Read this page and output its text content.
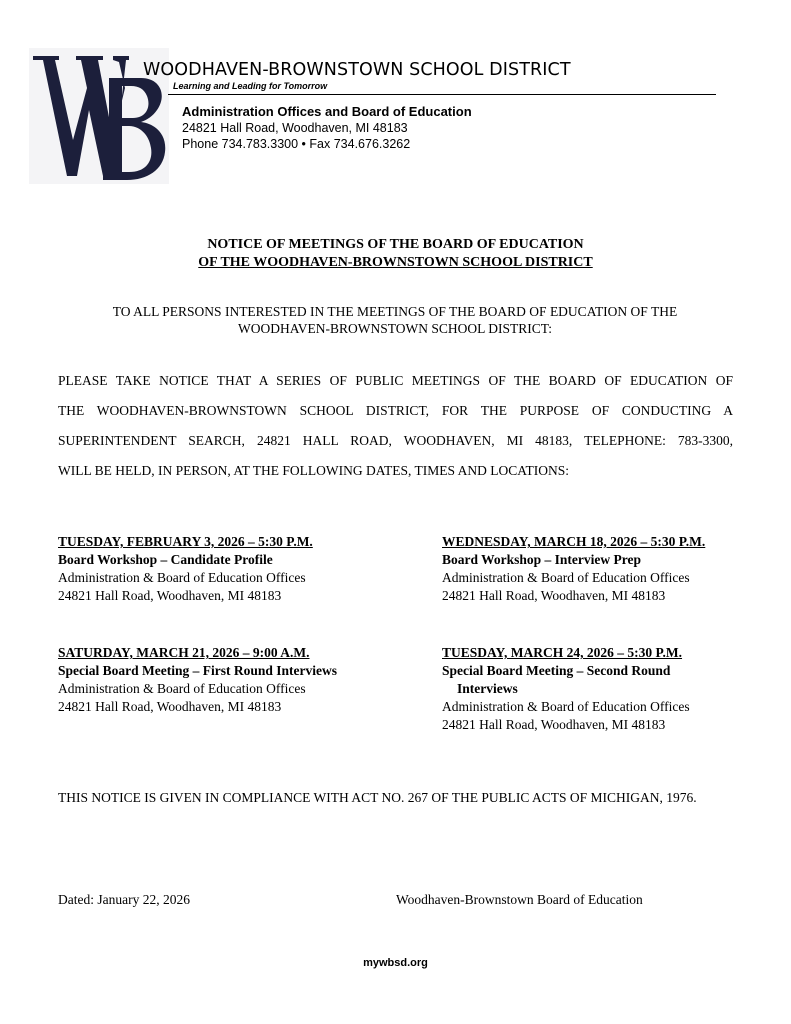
WOODHAVEN-BROWNSTOWN SCHOOL DISTRICT
Learning and Leading for Tomorrow
Administration Offices and Board of Education
24821 Hall Road, Woodhaven, MI 48183
Phone 734.783.3300 • Fax 734.676.3262
NOTICE OF MEETINGS OF THE BOARD OF EDUCATION
OF THE WOODHAVEN-BROWNSTOWN SCHOOL DISTRICT
TO ALL PERSONS INTERESTED IN THE MEETINGS OF THE BOARD OF EDUCATION OF THE
WOODHAVEN-BROWNSTOWN SCHOOL DISTRICT:
PLEASE TAKE NOTICE THAT A SERIES OF PUBLIC MEETINGS OF THE BOARD OF EDUCATION OF
THE WOODHAVEN-BROWNSTOWN SCHOOL DISTRICT, FOR THE PURPOSE OF CONDUCTING A
SUPERINTENDENT SEARCH, 24821 HALL ROAD, WOODHAVEN, MI 48183, TELEPHONE: 783-3300,
WILL BE HELD, IN PERSON, AT THE FOLLOWING DATES, TIMES AND LOCATIONS:
TUESDAY, FEBRUARY 3, 2026 – 5:30 P.M.
Board Workshop – Candidate Profile
Administration & Board of Education Offices
24821 Hall Road, Woodhaven, MI 48183
WEDNESDAY, MARCH 18, 2026 – 5:30 P.M.
Board Workshop – Interview Prep
Administration & Board of Education Offices
24821 Hall Road, Woodhaven, MI 48183
SATURDAY, MARCH 21, 2026 – 9:00 A.M.
Special Board Meeting – First Round Interviews
Administration & Board of Education Offices
24821 Hall Road, Woodhaven, MI 48183
TUESDAY, MARCH 24, 2026 – 5:30 P.M.
Special Board Meeting – Second Round
Interviews
Administration & Board of Education Offices
24821 Hall Road, Woodhaven, MI 48183
THIS NOTICE IS GIVEN IN COMPLIANCE WITH ACT NO. 267 OF THE PUBLIC ACTS OF MICHIGAN, 1976.
Dated: January 22, 2026	Woodhaven-Brownstown Board of Education
mywbsd.org
